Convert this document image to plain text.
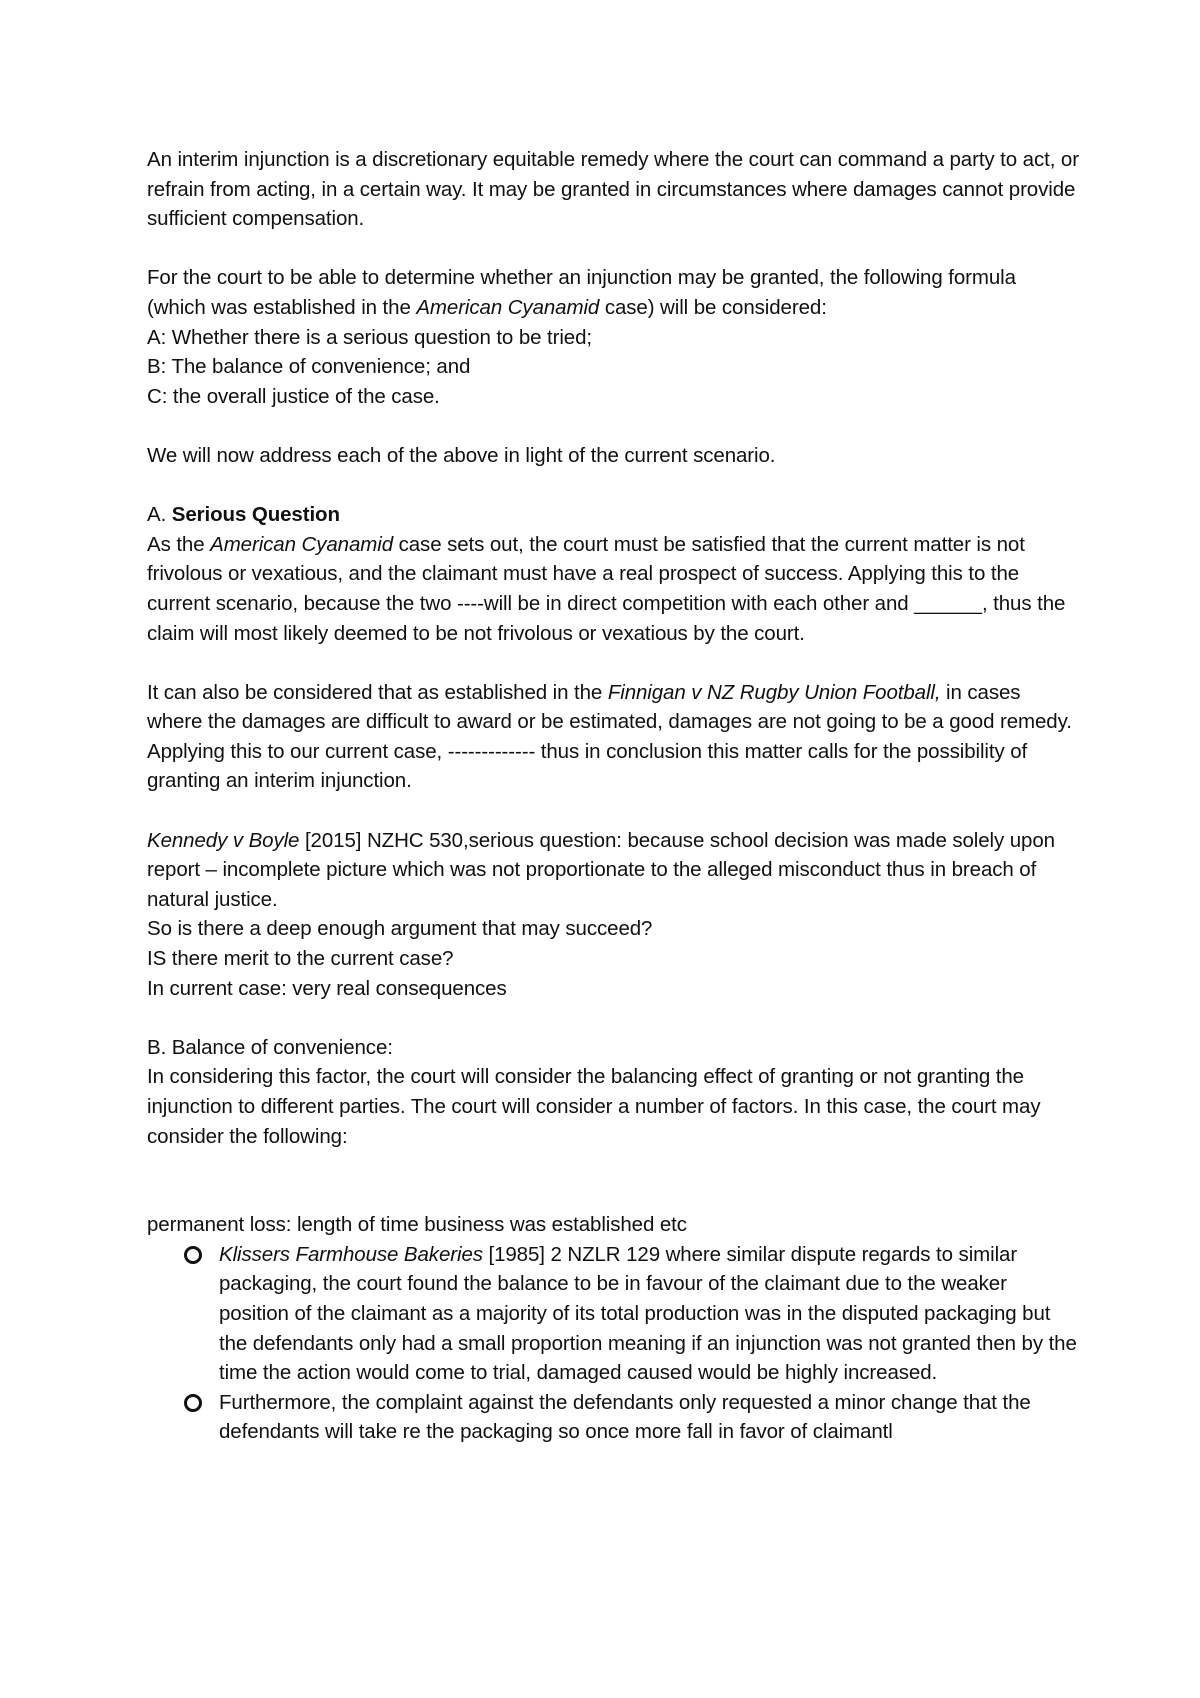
An interim injunction is a discretionary equitable remedy where the court can command a party to act, or refrain from acting, in a certain way. It may be granted in circumstances where damages cannot provide sufficient compensation.

For the court to be able to determine whether an injunction may be granted, the following formula (which was established in the American Cyanamid case) will be considered:

A: Whether there is a serious question to be tried;

B: The balance of convenience; and

C: the overall justice of the case.

We will now address each of the above in light of the current scenario.

A. Serious Question

As the American Cyanamid case sets out, the court must be satisfied that the current matter is not frivolous or vexatious, and the claimant must have a real prospect of success. Applying this to the current scenario, because the two ----will be in direct competition with each other and ______, thus the claim will most likely deemed to be not frivolous or vexatious by the court.

It can also be considered that as established in the Finnigan v NZ Rugby Union Football, in cases where the damages are difficult to award or be estimated, damages are not going to be a good remedy. Applying this to our current case, ------------- thus in conclusion this matter calls for the possibility of granting an interim injunction.

Kennedy v Boyle [2015] NZHC 530,serious question: because school decision was made solely upon report – incomplete picture which was not proportionate to the alleged misconduct thus in breach of natural justice.

So is there a deep enough argument that may succeed?

IS there merit to the current case?

In current case: very real consequences

B. Balance of convenience:

In considering this factor, the court will consider the balancing effect of granting or not granting the injunction to different parties. The court will consider a number of factors. In this case, the court may consider the following:

permanent loss: length of time business was established etc

Klissers Farmhouse Bakeries [1985] 2 NZLR 129 where similar dispute regards to similar packaging, the court found the balance to be in favour of the claimant due to the weaker position of the claimant as a majority of its total production was in the disputed packaging but the defendants only had a small proportion meaning if an injunction was not granted then by the time the action would come to trial, damaged caused would be highly increased.
Furthermore, the complaint against the defendants only requested a minor change that the defendants will take re the packaging so once more fall in favor of claimantl
